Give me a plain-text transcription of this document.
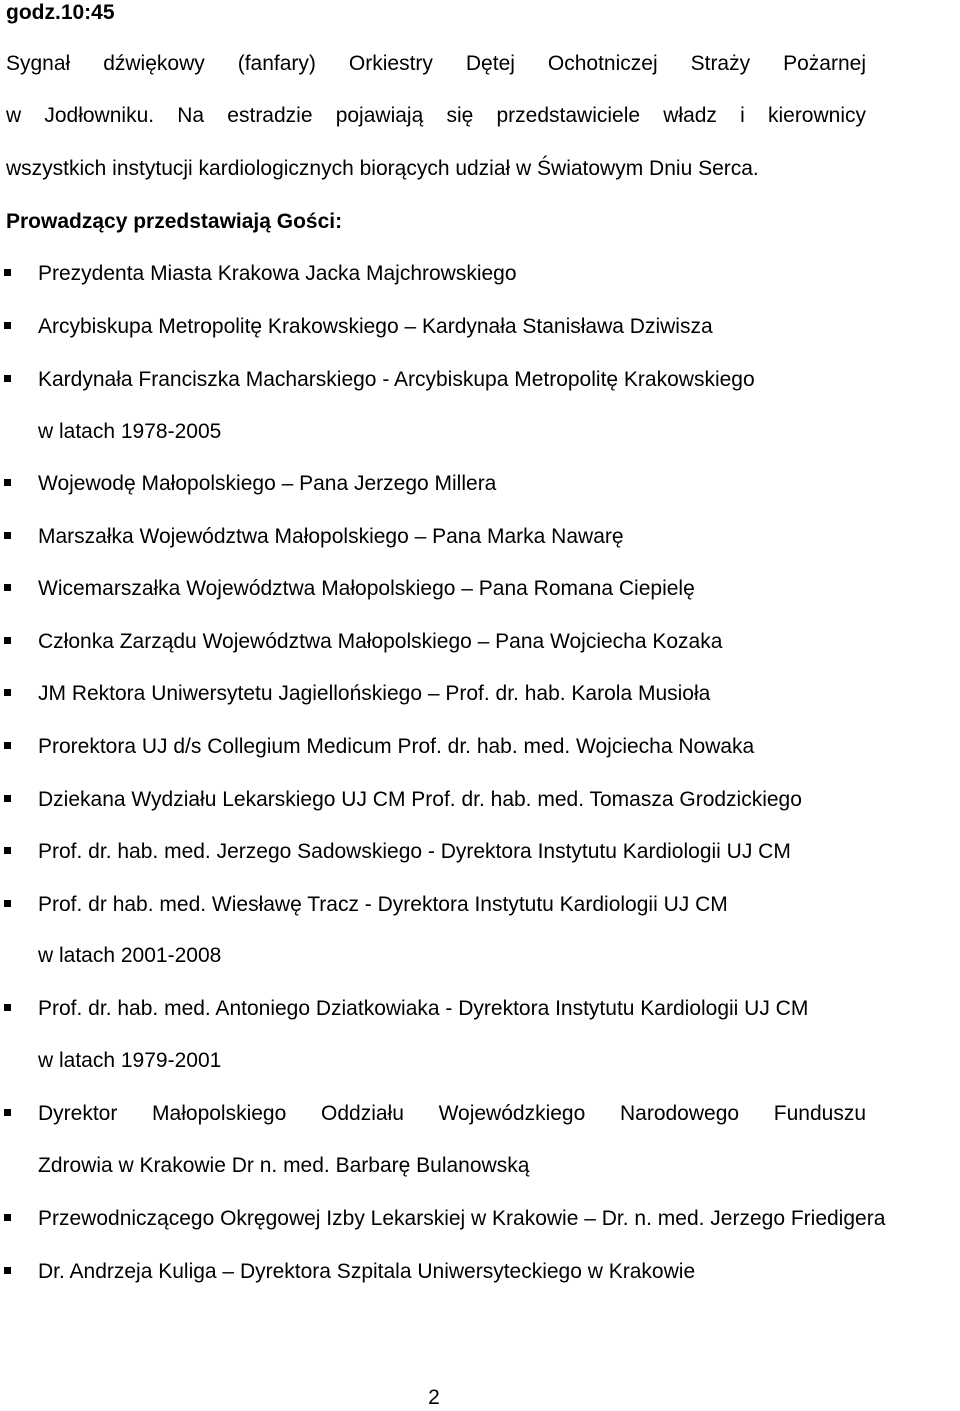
godz.10:45
Sygnał dźwiękowy (fanfary) Orkiestry Dętej Ochotniczej Straży Pożarnej
w Jodłowniku. Na estradzie pojawiają się przedstawiciele władz i kierownicy
wszystkich instytucji kardiologicznych biorących udział w Światowym Dniu Serca.
Prowadzący przedstawiają Gości:
Prezydenta Miasta Krakowa Jacka Majchrowskiego
Arcybiskupa Metropolitę Krakowskiego – Kardynała Stanisława Dziwisza
Kardynała Franciszka Macharskiego - Arcybiskupa Metropolitę Krakowskiego
w latach 1978-2005
Wojewodę Małopolskiego – Pana Jerzego Millera
Marszałka Województwa Małopolskiego – Pana Marka Nawarę
Wicemarszałka Województwa Małopolskiego – Pana Romana Ciepielę
Członka Zarządu Województwa Małopolskiego – Pana Wojciecha Kozaka
JM Rektora Uniwersytetu Jagiellońskiego – Prof. dr. hab. Karola Musioła
Prorektora UJ d/s Collegium Medicum Prof. dr. hab. med. Wojciecha Nowaka
Dziekana Wydziału Lekarskiego UJ CM Prof. dr. hab. med. Tomasza Grodzickiego
Prof. dr. hab. med. Jerzego Sadowskiego - Dyrektora Instytutu Kardiologii UJ CM
Prof. dr hab. med. Wiesławę Tracz - Dyrektora Instytutu Kardiologii UJ CM
w latach 2001-2008
Prof. dr. hab. med. Antoniego Dziatkowiaka - Dyrektora Instytutu Kardiologii UJ CM
w latach 1979-2001
Dyrektor Małopolskiego Oddziału Wojewódzkiego Narodowego Funduszu
Zdrowia w Krakowie Dr n. med. Barbarę Bulanowską
Przewodniczącego Okręgowej Izby Lekarskiej w Krakowie – Dr. n. med. Jerzego Friedigera
Dr. Andrzeja Kuliga – Dyrektora Szpitala Uniwersyteckiego w Krakowie
2
